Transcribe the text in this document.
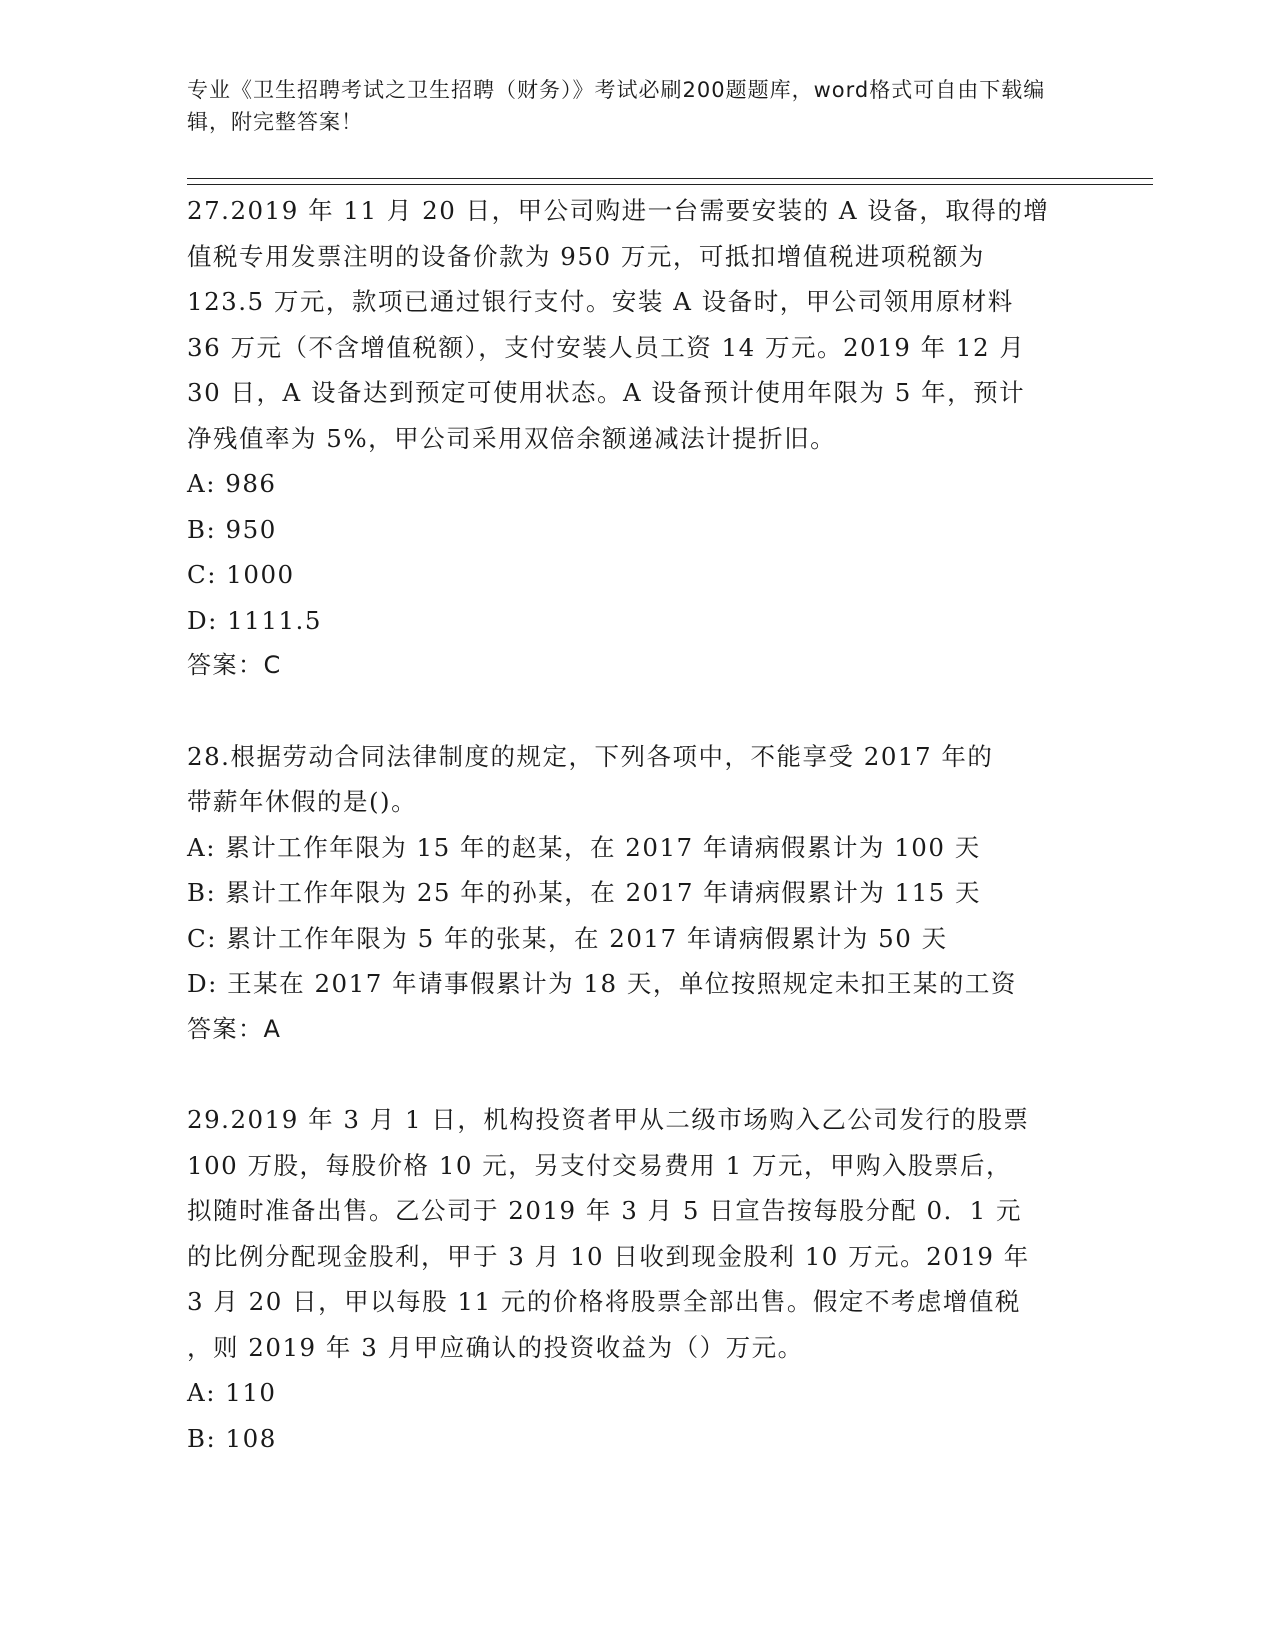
专业《卫生招聘考试之卫生招聘（财务）》考试必刷200题题库，word格式可自由下载编辑，附完整答案！

27.2019 年 11 月 20 日，甲公司购进一台需要安装的 A 设备，取得的增
值税专用发票注明的设备价款为 950 万元，可抵扣增值税进项税额为
123.5 万元，款项已通过银行支付。安装 A 设备时，甲公司领用原材料
36 万元（不含增值税额），支付安装人员工资 14 万元。2019 年 12 月
30 日，A 设备达到预定可使用状态。A 设备预计使用年限为 5 年，预计
净残值率为 5%，甲公司采用双倍余额递减法计提折旧。

A: 986

B: 950

C: 1000

D: 1111.5

答案：C

28.根据劳动合同法律制度的规定，下列各项中，不能享受 2017 年的
带薪年休假的是()。

A: 累计工作年限为 15 年的赵某，在 2017 年请病假累计为 100 天

B: 累计工作年限为 25 年的孙某，在 2017 年请病假累计为 115 天

C: 累计工作年限为 5 年的张某，在 2017 年请病假累计为 50 天

D: 王某在 2017 年请事假累计为 18 天，单位按照规定未扣王某的工资

答案：A

29.2019 年 3 月 1 日，机构投资者甲从二级市场购入乙公司发行的股票
100 万股，每股价格 10 元，另支付交易费用 1 万元，甲购入股票后，
拟随时准备出售。乙公司于 2019 年 3 月 5 日宣告按每股分配 0．1 元
的比例分配现金股利，甲于 3 月 10 日收到现金股利 10 万元。2019 年
3 月 20 日，甲以每股 11 元的价格将股票全部出售。假定不考虑增值税
，则 2019 年 3 月甲应确认的投资收益为（）万元。

A: 110

B: 108
